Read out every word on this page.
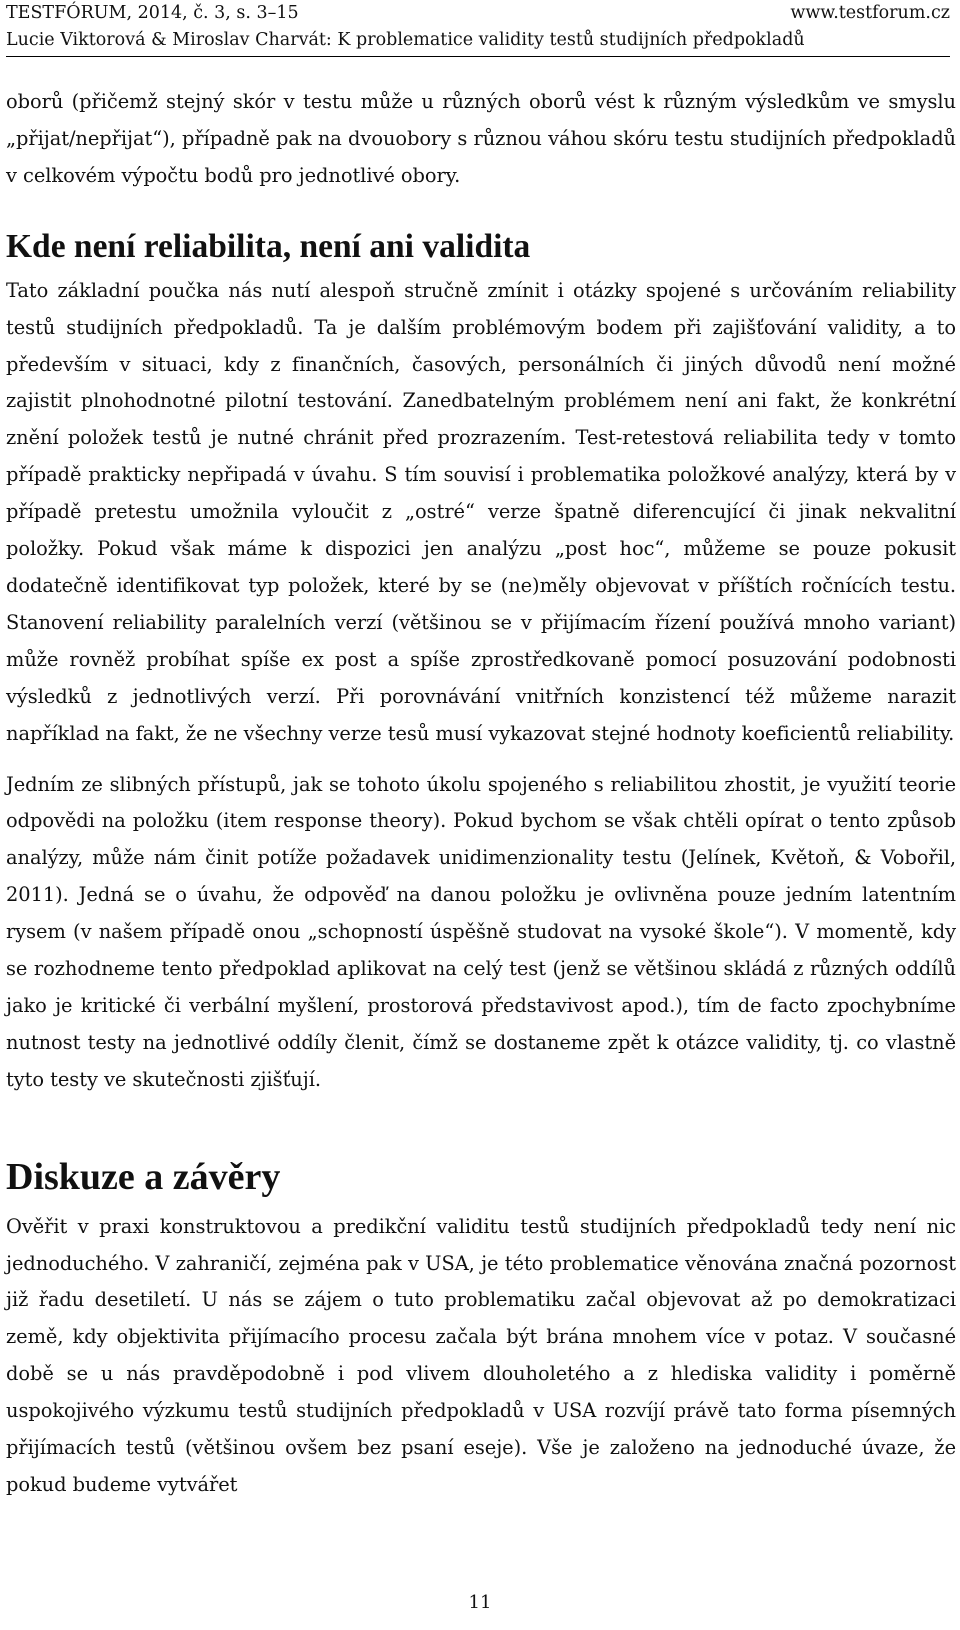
TESTFÓRUM, 2014, č. 3, s. 3–15	www.testforum.cz
Lucie Viktorová & Miroslav Charvát: K problematice validity testů studijních předpokladů

oborů (přičemž stejný skór v testu může u různých oborů vést k různým výsledkům ve smyslu „přijat/nepřijat“), případně pak na dvouobory s různou váhou skóru testu studijních předpokladů v celkovém výpočtu bodů pro jednotlivé obory.

Kde není reliabilita, není ani validita

Tato základní poučka nás nutí alespoň stručně zmínit i otázky spojené s určováním reliability testů studijních předpokladů. Ta je dalším problémovým bodem při zajišťování validity, a to především v situaci, kdy z finančních, časových, personálních či jiných důvodů není možné zajistit plnohodnotné pilotní testování. Zanedbatelným problémem není ani fakt, že konkrétní znění položek testů je nutné chránit před prozrazením. Test-retestová reliabilita tedy v tomto případě prakticky nepřipadá v úvahu. S tím souvisí i problematika položkové analýzy, která by v případě pretestu umožnila vyloučit z „ostré“ verze špatně diferencující či jinak nekvalitní položky. Pokud však máme k dispozici jen analýzu „post hoc“, můžeme se pouze pokusit dodatečně identifikovat typ položek, které by se (ne)měly objevovat v příštích ročnících testu. Stanovení reliability paralelních verzí (většinou se v přijímacím řízení používá mnoho variant) může rovněž probíhat spíše ex post a spíše zprostředkovaně pomocí posuzování podobnosti výsledků z jednotlivých verzí. Při porovnávání vnitřních konzistencí též můžeme narazit například na fakt, že ne všechny verze tesů musí vykazovat stejné hodnoty koeficientů reliability.

Jedním ze slibných přístupů, jak se tohoto úkolu spojeného s reliabilitou zhostit, je využití teorie odpovědi na položku (item response theory). Pokud bychom se však chtěli opírat o tento způsob analýzy, může nám činit potíže požadavek unidimenzionality testu (Jelínek, Květoň, & Vobořil, 2011). Jedná se o úvahu, že odpověď na danou položku je ovlivněna pouze jedním latentním rysem (v našem případě onou „schopností úspěšně studovat na vysoké škole“). V momentě, kdy se rozhodneme tento předpoklad aplikovat na celý test (jenž se většinou skládá z různých oddílů jako je kritické či verbální myšlení, prostorová představivost apod.), tím de facto zpochybníme nutnost testy na jednotlivé oddíly členit, čímž se dostaneme zpět k otázce validity, tj. co vlastně tyto testy ve skutečnosti zjišťují.

Diskuze a závěry

Ověřit v praxi konstruktovou a predikční validitu testů studijních předpokladů tedy není nic jednoduchého. V zahraničí, zejména pak v USA, je této problematice věnována značná pozornost již řadu desetiletí. U nás se zájem o tuto problematiku začal objevovat až po demokratizaci země, kdy objektivita přijímacího procesu začala být brána mnohem více v potaz. V současné době se u nás pravděpodobně i pod vlivem dlouholetého a z hlediska validity i poměrně uspokojivého výzkumu testů studijních předpokladů v USA rozvíjí právě tato forma písemných přijímacích testů (většinou ovšem bez psaní eseje). Vše je založeno na jednoduché úvaze, že pokud budeme vytvářet

11
